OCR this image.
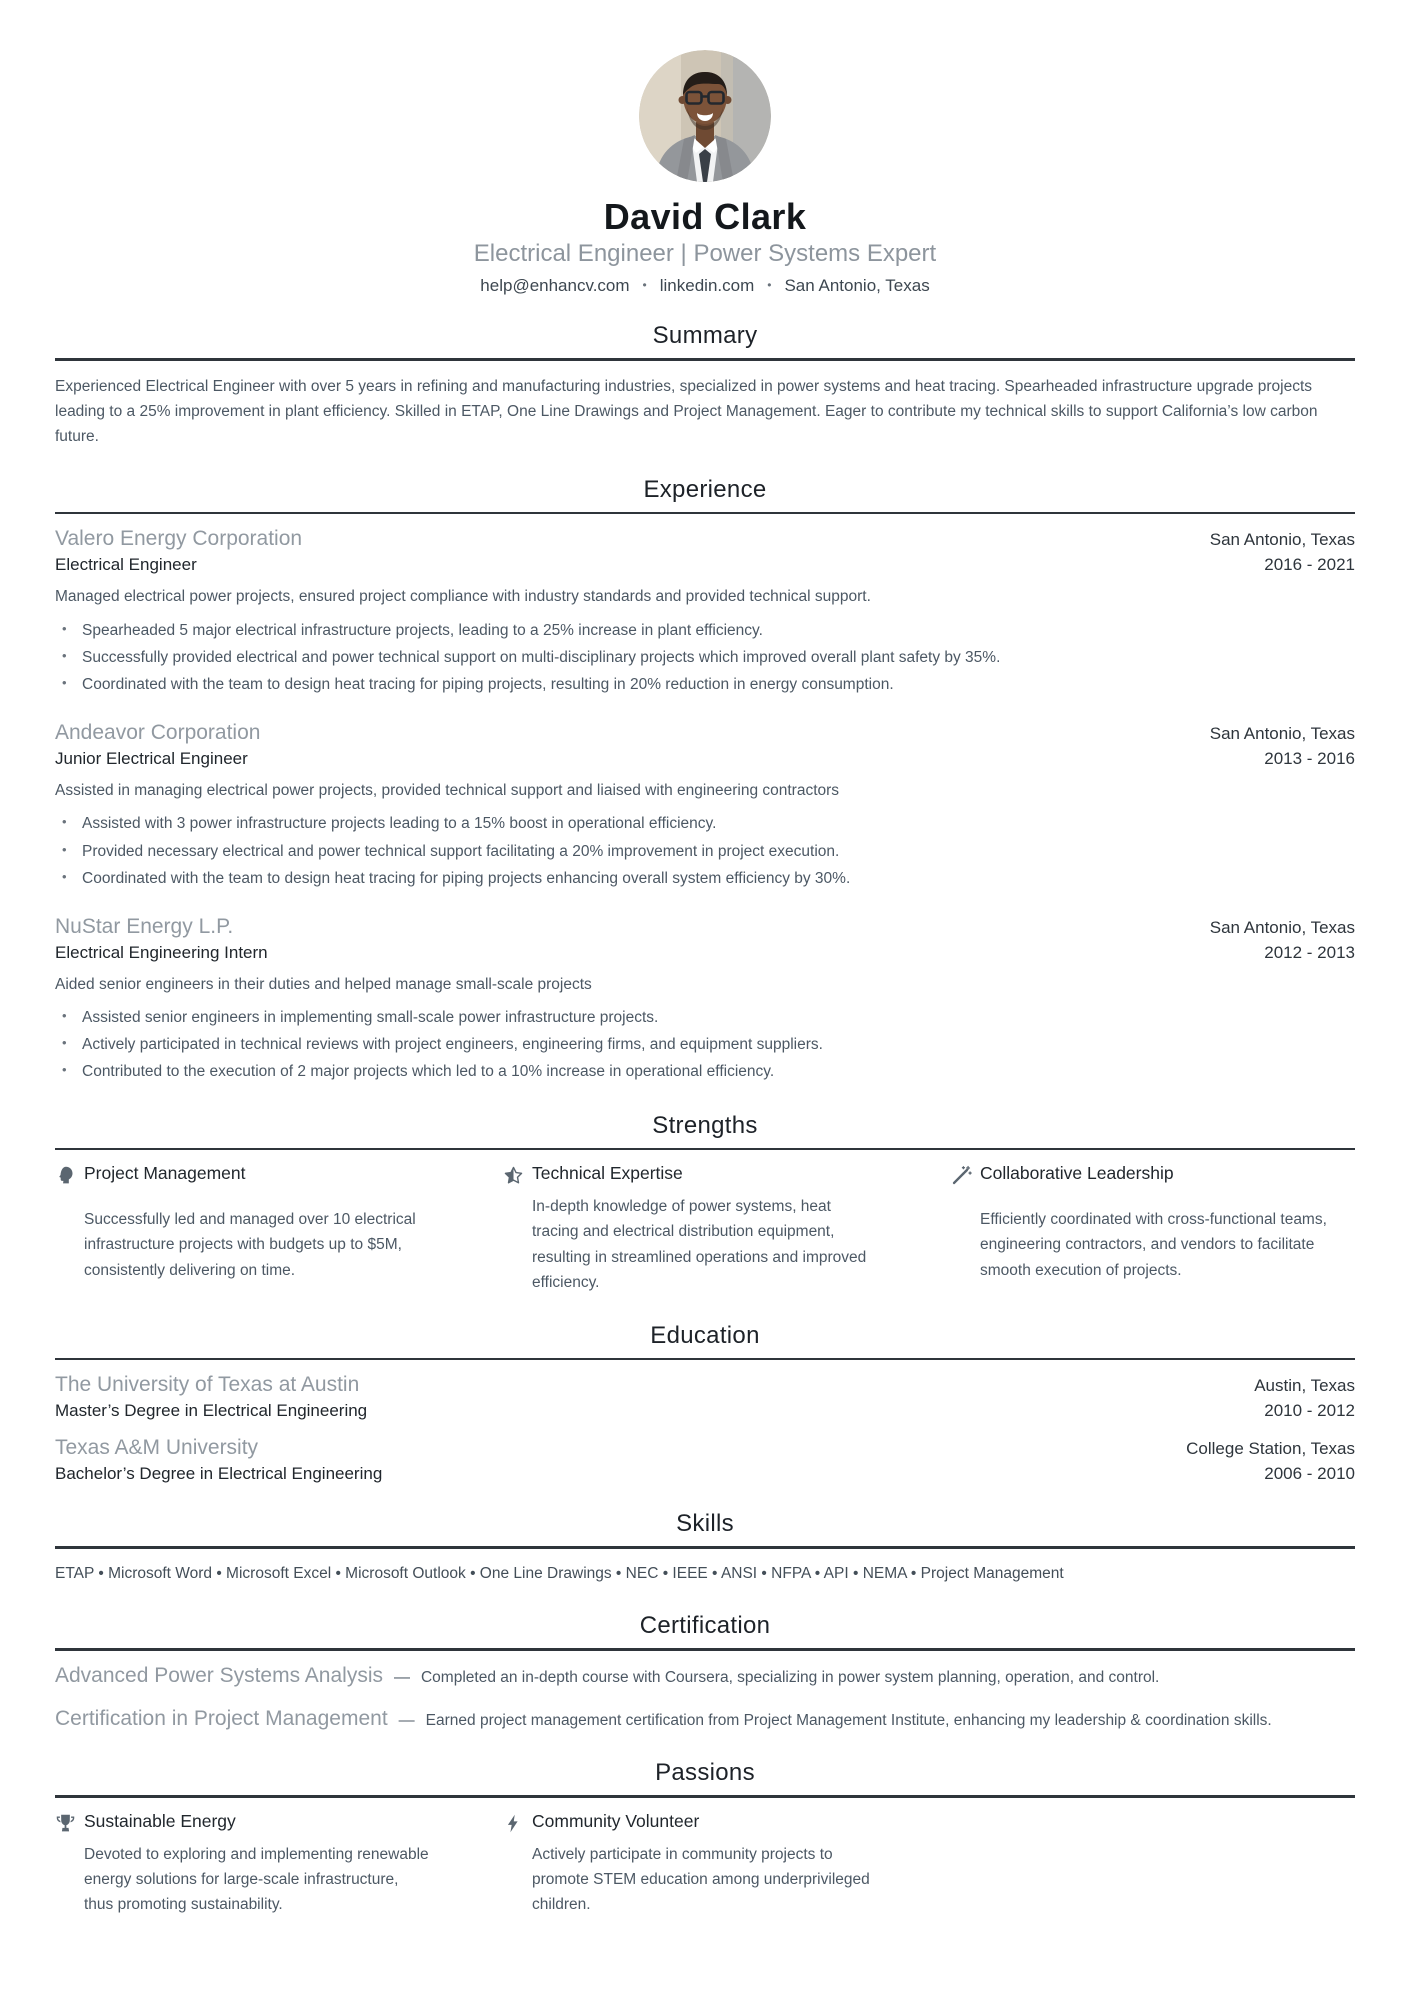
David Clark
Electrical Engineer | Power Systems Expert
help@enhancv.com • linkedin.com • San Antonio, Texas
Summary

Experienced Electrical Engineer with over 5 years in refining and manufacturing industries, specialized in power systems and heat tracing. Spearheaded infrastructure upgrade projects leading to a 25% improvement in plant efficiency. Skilled in ETAP, One Line Drawings and Project Management. Eager to contribute my technical skills to support California’s low carbon future.

Experience
Valero Energy Corporation	San Antonio, Texas
Electrical Engineer	2016 - 2021

Managed electrical power projects, ensured project compliance with industry standards and provided technical support.

• Spearheaded 5 major electrical infrastructure projects, leading to a 25% increase in plant efficiency.
• Successfully provided electrical and power technical support on multi-disciplinary projects which improved overall plant safety by 35%.
• Coordinated with the team to design heat tracing for piping projects, resulting in 20% reduction in energy consumption.
Andeavor Corporation	San Antonio, Texas
Junior Electrical Engineer	2013 - 2016

Assisted in managing electrical power projects, provided technical support and liaised with engineering contractors

• Assisted with 3 power infrastructure projects leading to a 15% boost in operational efficiency.
• Provided necessary electrical and power technical support facilitating a 20% improvement in project execution.
• Coordinated with the team to design heat tracing for piping projects enhancing overall system efficiency by 30%.
NuStar Energy L.P.	San Antonio, Texas
Electrical Engineering Intern	2012 - 2013

Aided senior engineers in their duties and helped manage small-scale projects

• Assisted senior engineers in implementing small-scale power infrastructure projects.
• Actively participated in technical reviews with project engineers, engineering firms, and equipment suppliers.
• Contributed to the execution of 2 major projects which led to a 10% increase in operational efficiency.
Strengths
Project Management
Successfully led and managed over 10 electrical infrastructure projects with budgets up to $5M, consistently delivering on time.
Technical Expertise
In-depth knowledge of power systems, heat tracing and electrical distribution equipment, resulting in streamlined operations and improved efficiency.
Collaborative Leadership
Efficiently coordinated with cross-functional teams, engineering contractors, and vendors to facilitate smooth execution of projects.
Education
The University of Texas at Austin	Austin, Texas
Master’s Degree in Electrical Engineering	2010 - 2012
Texas A&M University	College Station, Texas
Bachelor’s Degree in Electrical Engineering	2006 - 2010
Skills

ETAP • Microsoft Word • Microsoft Excel • Microsoft Outlook • One Line Drawings • NEC • IEEE • ANSI • NFPA • API • NEMA • Project Management

Certification
Advanced Power Systems Analysis — Completed an in-depth course with Coursera, specializing in power system planning, operation, and control.
Certification in Project Management — Earned project management certification from Project Management Institute, enhancing my leadership & coordination skills.
Passions
Sustainable Energy
Devoted to exploring and implementing renewable energy solutions for large-scale infrastructure, thus promoting sustainability.
Community Volunteer
Actively participate in community projects to promote STEM education among underprivileged children.
